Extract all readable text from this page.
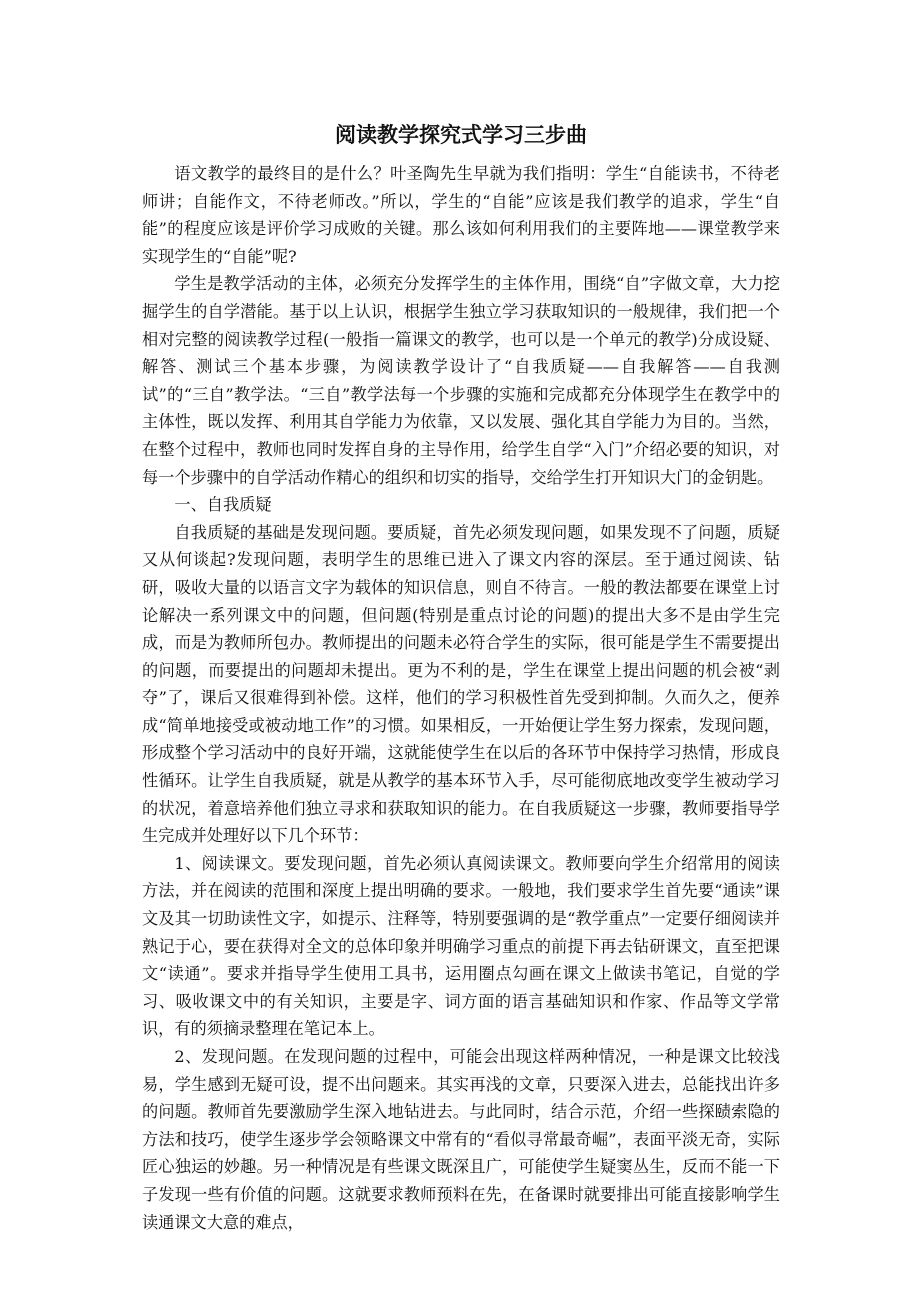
阅读教学探究式学习三步曲

语文教学的最终目的是什么？叶圣陶先生早就为我们指明：学生“自能读书，不待老师讲；自能作文，不待老师改。”所以，学生的“自能”应该是我们教学的追求，学生“自能”的程度应该是评价学习成败的关键。那么该如何利用我们的主要阵地——课堂教学来实现学生的“自能”呢?

学生是教学活动的主体，必须充分发挥学生的主体作用，围绕“自”字做文章，大力挖掘学生的自学潜能。基于以上认识，根据学生独立学习获取知识的一般规律，我们把一个相对完整的阅读教学过程(一般指一篇课文的教学，也可以是一个单元的教学)分成设疑、解答、测试三个基本步骤，为阅读教学设计了“自我质疑——自我解答——自我测试”的“三自”教学法。“三自”教学法每一个步骤的实施和完成都充分体现学生在教学中的主体性，既以发挥、利用其自学能力为依靠，又以发展、强化其自学能力为目的。当然，在整个过程中，教师也同时发挥自身的主导作用，给学生自学“入门”介绍必要的知识，对每一个步骤中的自学活动作精心的组织和切实的指导，交给学生打开知识大门的金钥匙。

一、自我质疑

自我质疑的基础是发现问题。要质疑，首先必须发现问题，如果发现不了问题，质疑又从何谈起?发现问题，表明学生的思维已进入了课文内容的深层。至于通过阅读、钻研，吸收大量的以语言文字为载体的知识信息，则自不待言。一般的教法都要在课堂上讨论解决一系列课文中的问题，但问题(特别是重点讨论的问题)的提出大多不是由学生完成，而是为教师所包办。教师提出的问题未必符合学生的实际，很可能是学生不需要提出的问题，而要提出的问题却未提出。更为不利的是，学生在课堂上提出问题的机会被“剥夺”了，课后又很难得到补偿。这样，他们的学习积极性首先受到抑制。久而久之，便养成“简单地接受或被动地工作”的习惯。如果相反，一开始便让学生努力探索，发现问题，形成整个学习活动中的良好开端，这就能使学生在以后的各环节中保持学习热情，形成良性循环。让学生自我质疑，就是从教学的基本环节入手，尽可能彻底地改变学生被动学习的状况，着意培养他们独立寻求和获取知识的能力。在自我质疑这一步骤，教师要指导学生完成并处理好以下几个环节：

1、阅读课文。要发现问题，首先必须认真阅读课文。教师要向学生介绍常用的阅读方法，并在阅读的范围和深度上提出明确的要求。一般地，我们要求学生首先要“通读”课文及其一切助读性文字，如提示、注释等，特别要强调的是“教学重点”一定要仔细阅读并熟记于心，要在获得对全文的总体印象并明确学习重点的前提下再去钻研课文，直至把课文“读通”。要求并指导学生使用工具书，运用圈点勾画在课文上做读书笔记，自觉的学习、吸收课文中的有关知识，主要是字、词方面的语言基础知识和作家、作品等文学常识，有的须摘录整理在笔记本上。

2、发现问题。在发现问题的过程中，可能会出现这样两种情况，一种是课文比较浅易，学生感到无疑可设，提不出问题来。其实再浅的文章，只要深入进去，总能找出许多的问题。教师首先要激励学生深入地钻进去。与此同时，结合示范，介绍一些探赜索隐的方法和技巧，使学生逐步学会领略课文中常有的“看似寻常最奇崛”，表面平淡无奇，实际匠心独运的妙趣。另一种情况是有些课文既深且广，可能使学生疑窦丛生，反而不能一下子发现一些有价值的问题。这就要求教师预料在先，在备课时就要排出可能直接影响学生读通课文大意的难点，
